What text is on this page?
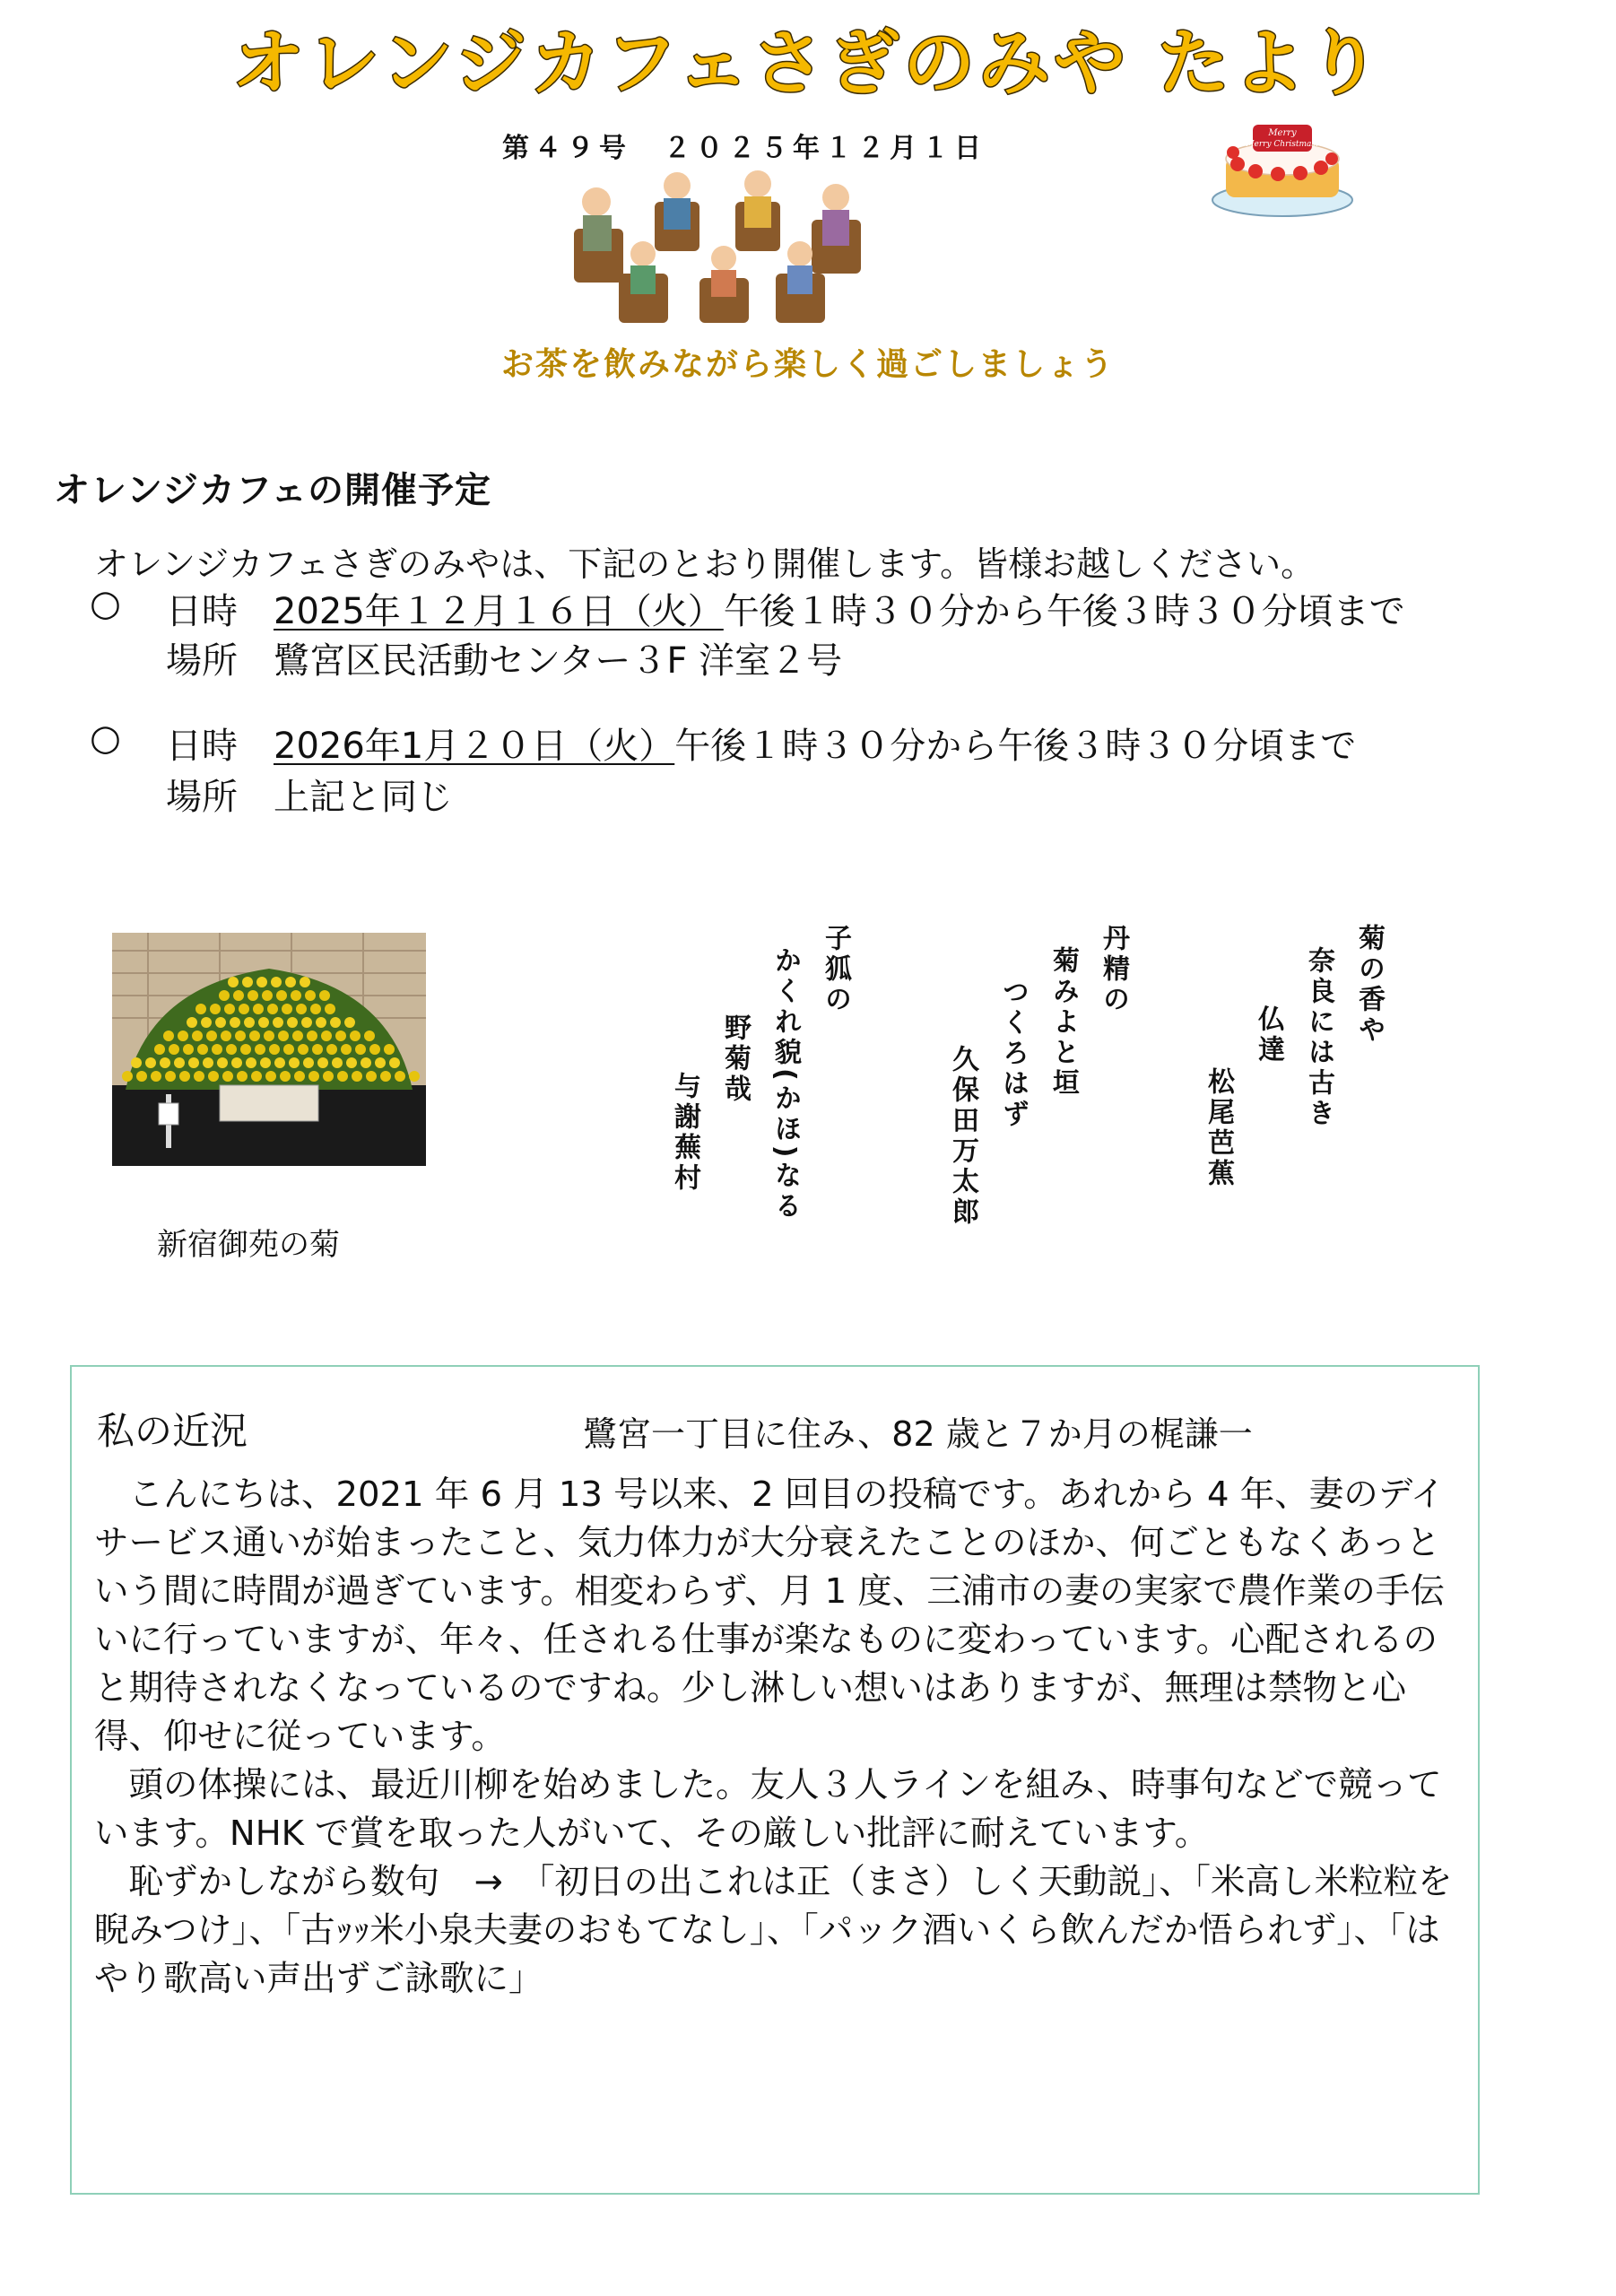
オレンジカフェさぎのみや たより
第４９号　２０２５年１２月１日	Merry
Merry Christmas!
お茶を飲みながら楽しく過ごしましょう
オレンジカフェの開催予定
オレンジカフェさぎのみやは、下記のとおり開催します。皆様お越しください。
○ 日時 2025年１２月１６日（火）午後１時３０分から午後３時３０分頃まで
場所 鷺宮区民活動センター３F 洋室２号
○ 日時 2026年1月２０日（火）午後１時３０分から午後３時３０分頃まで
場所 上記と同じ
新宿御苑の菊
菊の香や
奈良には古き
仏達
松尾芭蕉
丹精の
菊みよと垣
つくろはず
久保田万太郎
子狐の
かくれ貌(かほ)なる
野菊哉
与謝蕪村
私の近況	鷺宮一丁目に住み、82 歳と７か月の梶謙一

こんにちは、2021 年 6 月 13 号以来、2 回目の投稿です。あれから 4 年、妻のデイサービス通いが始まったこと、気力体力が大分衰えたことのほか、何ごともなくあっという間に時間が過ぎています。相変わらず、月 1 度、三浦市の妻の実家で農作業の手伝いに行っていますが、年々、任される仕事が楽なものに変わっています。心配されるのと期待されなくなっているのですね。少し淋しい想いはありますが、無理は禁物と心得、仰せに従っています。

頭の体操には、最近川柳を始めました。友人３人ラインを組み、時事句などで競っています。NHK で賞を取った人がいて、その厳しい批評に耐えています。

恥ずかしながら数句　→　「初日の出これは正（まさ）しく天動説」、「米高し米粒粒を睨みつけ」、「古ｯｯ米小泉夫妻のおもてなし」、「パック酒いくら飲んだか悟られず」、「はやり歌高い声出ずご詠歌に」
